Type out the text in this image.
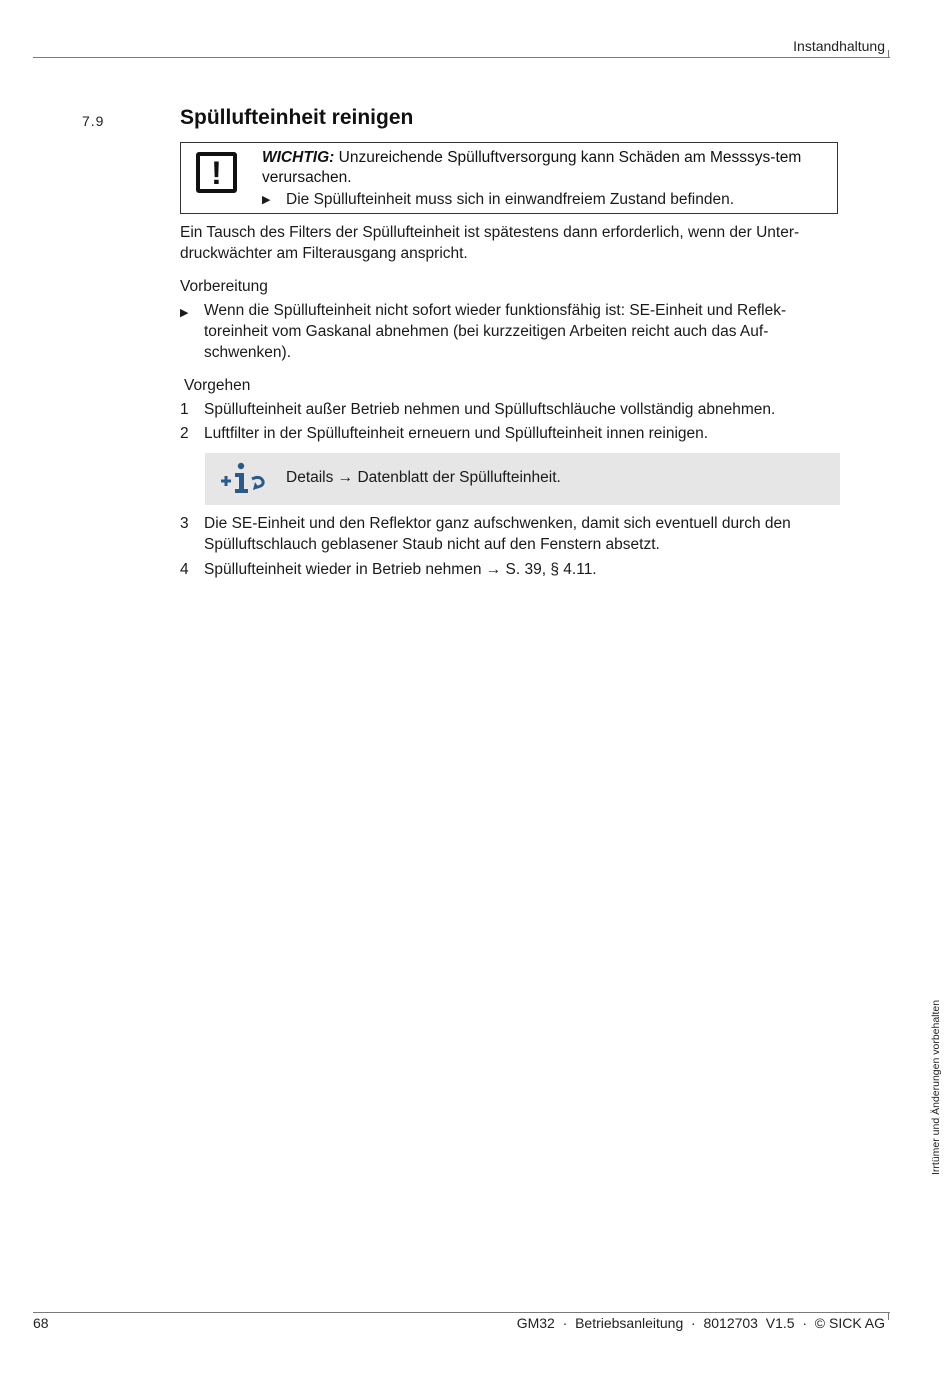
Instandhaltung
7.9	Spüllufteinheit reinigen
!	WICHTIG: Unzureichende Spülluftversorgung kann Schäden am Messsys-tem verursachen.
▶ Die Spüllufteinheit muss sich in einwandfreiem Zustand befinden.
Ein Tausch des Filters der Spüllufteinheit ist spätestens dann erforderlich, wenn der Unter-druckwächter am Filterausgang anspricht.
Vorbereitung
▶ Wenn die Spüllufteinheit nicht sofort wieder funktionsfähig ist: SE-Einheit und Reflek-toreinheit vom Gaskanal abnehmen (bei kurzzeitigen Arbeiten reicht auch das Auf-schwenken).
Vorgehen
1 Spüllufteinheit außer Betrieb nehmen und Spülluftschläuche vollständig abnehmen.
2 Luftfilter in der Spüllufteinheit erneuern und Spüllufteinheit innen reinigen.
Details → Datenblatt der Spüllufteinheit.
3 Die SE-Einheit und den Reflektor ganz aufschwenken, damit sich eventuell durch den Spülluftschlauch geblasener Staub nicht auf den Fenstern absetzt.
4 Spüllufteinheit wieder in Betrieb nehmen → S. 39, § 4.11.
Irrtümer und Änderungen vorbehalten
68	GM32  ·  Betriebsanleitung  ·  8012703  V1.5  ·  © SICK AG
